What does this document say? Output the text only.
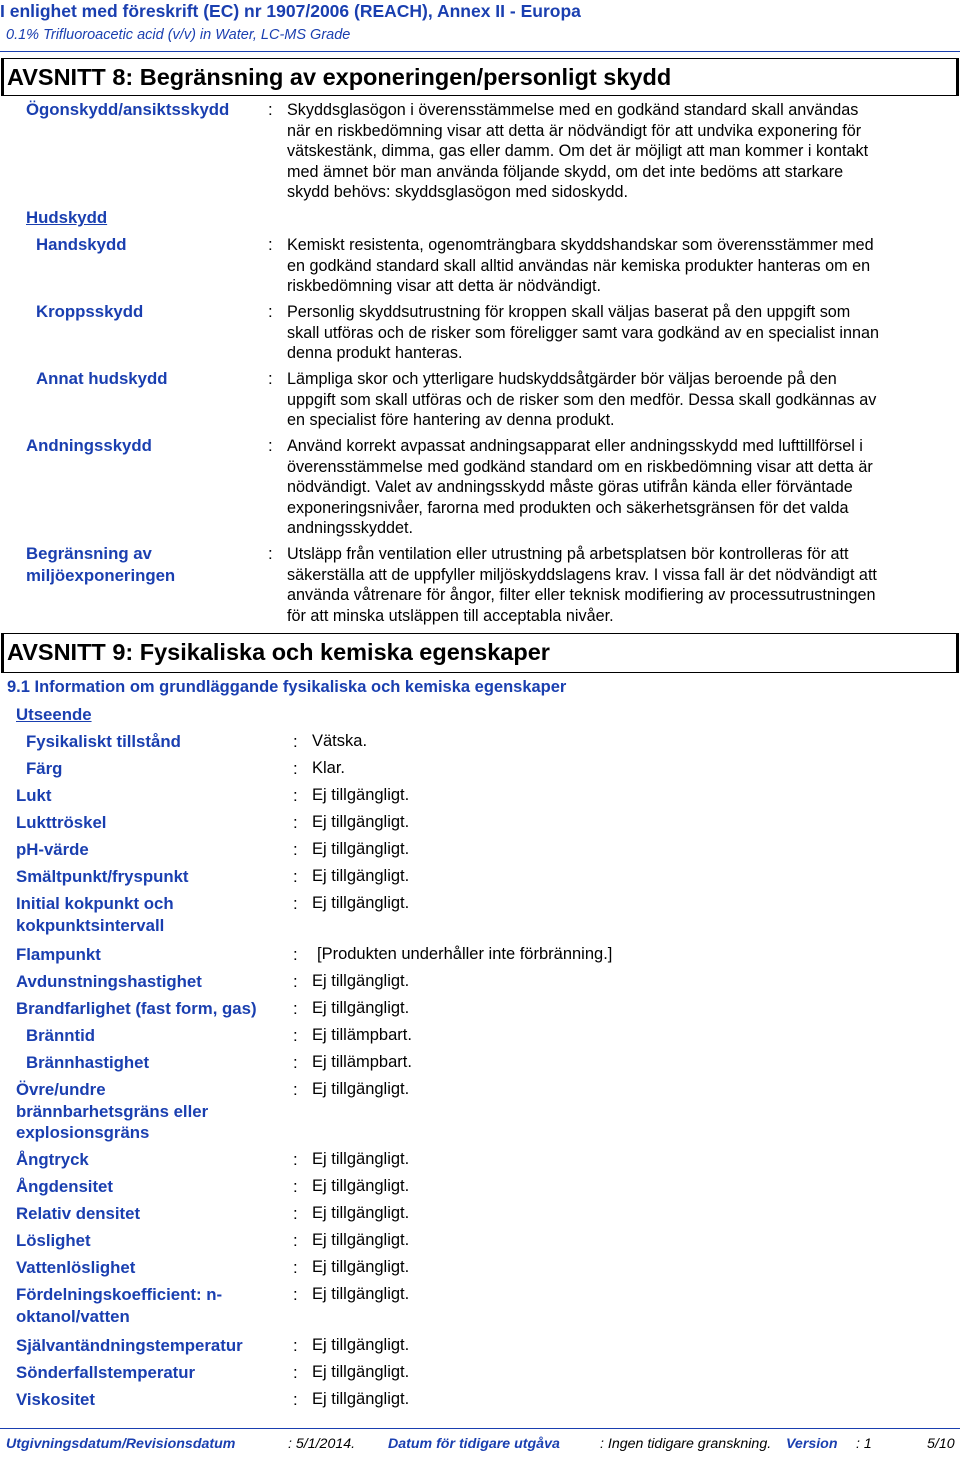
I enlighet med föreskrift (EC) nr 1907/2006 (REACH), Annex II - Europa
0.1% Trifluoroacetic acid (v/v) in Water, LC-MS Grade
AVSNITT 8: Begränsning av exponeringen/personligt skydd
Ögonskydd/ansiktsskydd : Skyddsglasögon i överensstämmelse med en godkänd standard skall användas
när en riskbedömning visar att detta är nödvändigt för att undvika exponering för
vätskestänk, dimma, gas eller damm. Om det är möjligt att man kommer i kontakt
med ämnet bör man använda följande skydd, om det inte bedöms att starkare
skydd behövs: skyddsglasögon med sidoskydd.
Hudskydd
Handskydd	: Kemiskt resistenta, ogenomträngbara skyddshandskar som överensstämmer med
en godkänd standard skall alltid användas när kemiska produkter hanteras om en
riskbedömning visar att detta är nödvändigt.
Kroppsskydd	: Personlig skyddsutrustning för kroppen skall väljas baserat på den uppgift som
skall utföras och de risker som föreligger samt vara godkänd av en specialist innan
denna produkt hanteras.
Annat hudskydd	: Lämpliga skor och ytterligare hudskyddsåtgärder bör väljas beroende på den
uppgift som skall utföras och de risker som den medför. Dessa skall godkännas av
en specialist före hantering av denna produkt.
Andningsskydd	: Använd korrekt avpassat andningsapparat eller andningsskydd med lufttillförsel i
överensstämmelse med godkänd standard om en riskbedömning visar att detta är
nödvändigt. Valet av andningsskydd måste göras utifrån kända eller förväntade
exponeringsnivåer, farorna med produkten och säkerhetsgränsen för det valda
andningsskyddet.
Begränsning av
miljöexponeringen
: Utsläpp från ventilation eller utrustning på arbetsplatsen bör kontrolleras för att
säkerställa att de uppfyller miljöskyddslagens krav. I vissa fall är det nödvändigt att
använda våtrenare för ångor, filter eller teknisk modifiering av processutrustningen
för att minska utsläppen till acceptabla nivåer.
AVSNITT 9: Fysikaliska och kemiska egenskaper
9.1 Information om grundläggande fysikaliska och kemiska egenskaper
Utseende
Fysikaliskt tillstånd	: Vätska.
Färg	: Klar.
Lukt	: Ej tillgängligt.
Lukttröskel	: Ej tillgängligt.
pH-värde	: Ej tillgängligt.
Smältpunkt/fryspunkt	: Ej tillgängligt.
Initial kokpunkt och
kokpunktsintervall
: Ej tillgängligt.
Flampunkt	: [Produkten underhåller inte förbränning.]
Avdunstningshastighet	: Ej tillgängligt.
Brandfarlighet (fast form, gas) : Ej tillgängligt.
Bränntid	: Ej tillämpbart.
Brännhastighet	: Ej tillämpbart.
Övre/undre
brännbarhetsgräns eller
explosionsgräns
: Ej tillgängligt.
Ångtryck	: Ej tillgängligt.
Ångdensitet	: Ej tillgängligt.
Relativ densitet	: Ej tillgängligt.
Löslighet	: Ej tillgängligt.
Vattenlöslighet	: Ej tillgängligt.
Fördelningskoefficient: n-
oktanol/vatten
: Ej tillgängligt.
Självantändningstemperatur	: Ej tillgängligt.
Sönderfallstemperatur	: Ej tillgängligt.
Viskositet	: Ej tillgängligt.
Utgivningsdatum/Revisionsdatum	: 5/1/2014. Datum för tidigare utgåva	: Ingen tidigare granskning. Version : 1	5/10
